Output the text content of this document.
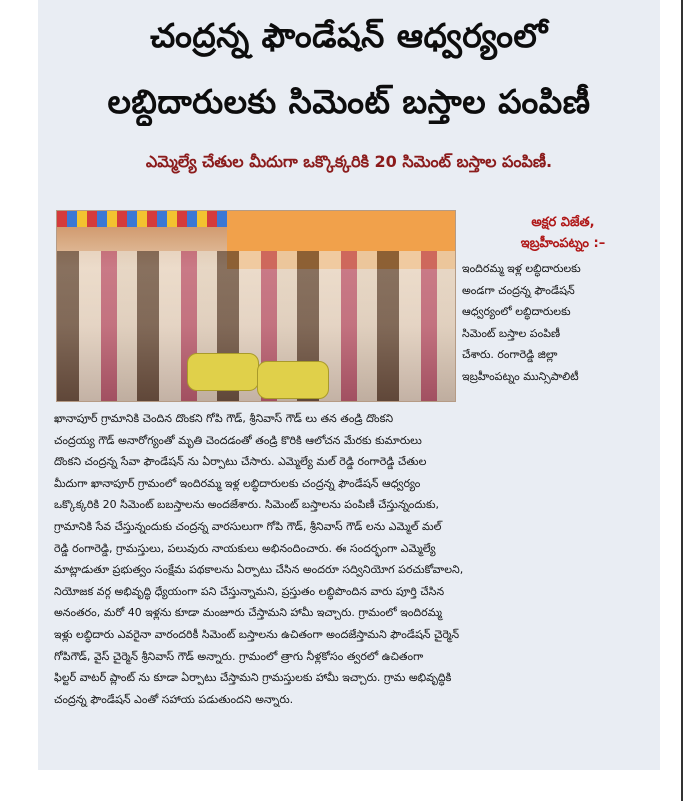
చంద్రన్న ఫౌండేషన్ ఆధ్వర్యంలో
లబ్ధిదారులకు సిమెంట్ బస్తాల పంపిణీ
ఎమ్మెల్యే చేతుల మీదుగా ఒక్కొక్కరికి 20 సిమెంట్ బస్తాల పంపిణీ.
అక్షర విజేత,
ఇబ్రహీంపట్నం :–
ఇందిరమ్మ ఇళ్ల లబ్ధిదారులకు
అండగా చంద్రన్న ఫౌండేషన్
ఆధ్వర్యంలో లబ్ధిదారులకు
సిమెంట్ బస్తాల పంపిణీ
చేశారు. రంగారెడ్డి జిల్లా
ఇబ్రహీంపట్నం మున్సిపాలిటీ
ఖానాపూర్ గ్రామానికి చెందిన దొంకని గోపి గౌడ్, శ్రీనివాస్ గౌడ్ లు తన తండ్రి దొంకని
చంద్రయ్య గౌడ్ అనారోగ్యంతో మృతి చెందడంతో తండ్రి కొరికి ఆలోచన మేరకు కుమారులు
దొంకని చంద్రన్న సేవా ఫౌండేషన్ ను ఏర్పాటు చేసారు. ఎమ్మెల్యే మల్ రెడ్డి రంగారెడ్డి చేతుల
మీదుగా ఖానాపూర్ గ్రామంలో ఇందిరమ్మ ఇళ్ల లబ్ధిదారులకు చంద్రన్న ఫౌండేషన్ ఆధ్వర్యం
ఒక్కొక్కరికి 20 సిమెంట్ బబస్తాలను అందజేశారు. సిమెంట్ బస్తాలను పంపిణీ చేస్తున్నందుకు,
గ్రామానికి సేవ చేస్తున్నందుకు చంద్రన్న వారసులుగా గోపి గౌడ్, శ్రీనివాస్ గౌడ్ లను ఎమ్మెల్ మల్
రెడ్డి రంగారెడ్డి, గ్రామస్తులు, పలువురు నాయకులు అభినందించారు. ఈ సందర్భంగా ఎమ్మెల్యే
మాట్లాడుతూ ప్రభుత్వం సంక్షేమ పథకాలను ఏర్పాటు చేసిన అందరూ సద్వినియోగ పరచుకోవాలని,
నియోజక వర్గ అభివృద్ధి ధ్యేయంగా పని చేస్తున్నామని, ప్రస్తుతం లబ్ధిపొందిన వారు పూర్తి చేసిన
అనంతరం, మరో 40 ఇళ్లను కూడా మంజూరు చేస్తామని హామీ ఇచ్చారు. గ్రామంలో ఇందిరమ్మ
ఇళ్లు లబ్ధిదారు ఎవరైనా వారందరికీ సిమెంట్ బస్తాలను ఉచితంగా అందజేస్తామని ఫౌండేషన్ చైర్మెన్
గోపిగౌడ్, వైస్ చైర్మెన్ శ్రీనివాస్ గౌడ్ అన్నారు. గ్రామంలో త్రాగు నీళ్లకోసం త్వరలో ఉచితంగా
ఫిల్టర్ వాటర్ ప్లాంట్ ను కూడా ఏర్పాటు చేస్తామని గ్రామస్తులకు హామీ ఇచ్చారు. గ్రామ అభివృద్ధికి
చంద్రన్న ఫౌండేషన్ ఎంతో సహాయ పడుతుందని అన్నారు.
